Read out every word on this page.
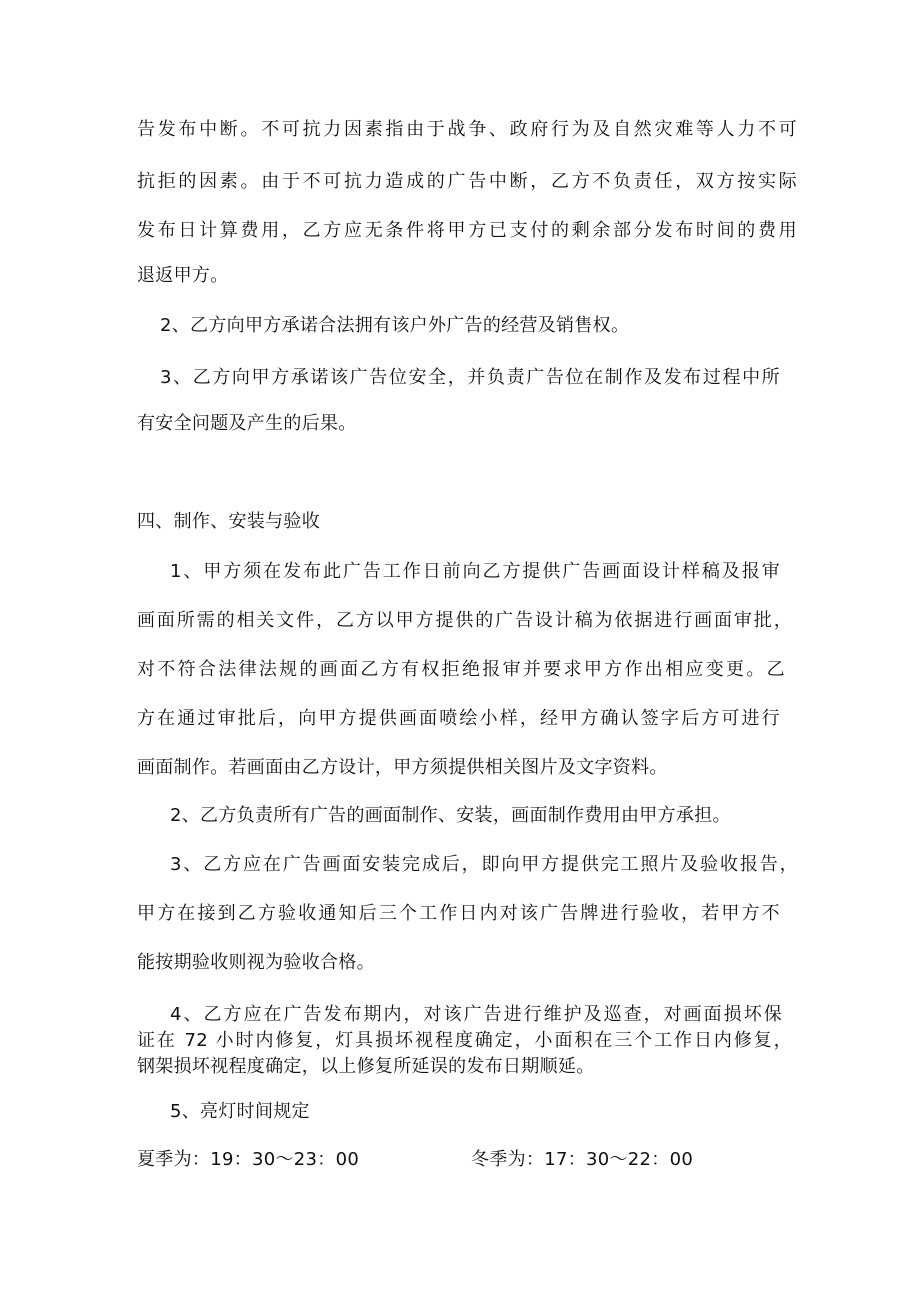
告发布中断。不可抗力因素指由于战争、政府行为及自然灾难等人力不可
抗拒的因素。由于不可抗力造成的广告中断，乙方不负责任，双方按实际
发布日计算费用，乙方应无条件将甲方已支付的剩余部分发布时间的费用
退返甲方。
2、乙方向甲方承诺合法拥有该户外广告的经营及销售权。
3、乙方向甲方承诺该广告位安全，并负责广告位在制作及发布过程中所
有安全问题及产生的后果。
四、制作、安装与验收
1、甲方须在发布此广告工作日前向乙方提供广告画面设计样稿及报审
画面所需的相关文件，乙方以甲方提供的广告设计稿为依据进行画面审批，
对不符合法律法规的画面乙方有权拒绝报审并要求甲方作出相应变更。乙
方在通过审批后，向甲方提供画面喷绘小样，经甲方确认签字后方可进行
画面制作。若画面由乙方设计，甲方须提供相关图片及文字资料。
2、乙方负责所有广告的画面制作、安装，画面制作费用由甲方承担。
3、乙方应在广告画面安装完成后，即向甲方提供完工照片及验收报告，
甲方在接到乙方验收通知后三个工作日内对该广告牌进行验收，若甲方不
能按期验收则视为验收合格。
4、乙方应在广告发布期内，对该广告进行维护及巡查，对画面损坏保
证在 72 小时内修复，灯具损坏视程度确定，小面积在三个工作日内修复，
钢架损坏视程度确定，以上修复所延误的发布日期顺延。
5、亮灯时间规定
夏季为：19：30～23：00	冬季为：17：30～22：00
